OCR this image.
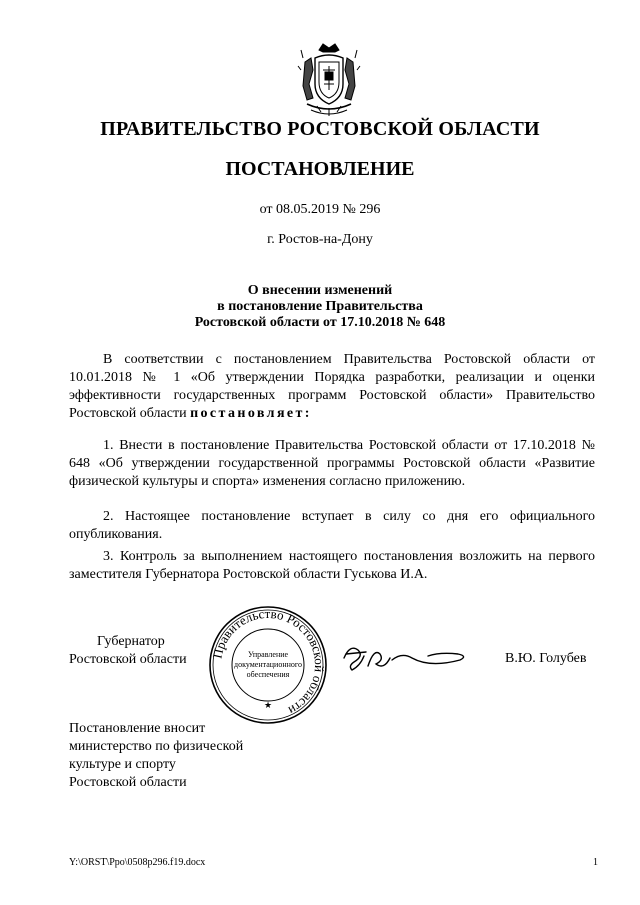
ПРАВИТЕЛЬСТВО РОСТОВСКОЙ ОБЛАСТИ
ПОСТАНОВЛЕНИЕ
от 08.05.2019 № 296
г. Ростов-на-Дону
О внесении изменений
в постановление Правительства
Ростовской области от 17.10.2018 № 648
В соответствии с постановлением Правительства Ростовской области от 10.01.2018 № 1 «Об утверждении Порядка разработки, реализации и оценки эффективности государственных программ Ростовской области» Правительство Ростовской области постановляет:
1. Внести в постановление Правительства Ростовской области от 17.10.2018 № 648 «Об утверждении государственной программы Ростовской области «Развитие физической культуры и спорта» изменения согласно приложению.
2. Настоящее постановление вступает в силу со дня его официального опубликования.
3. Контроль за выполнением настоящего постановления возложить на первого заместителя Губернатора Ростовской области Гуськова И.А.
Губернатор
Ростовской области Правительство Ростовской области
Управление
документационного
обеспечения
★
В.Ю. Голубев
Постановление вносит
министерство по физической
культуре и спорту
Ростовской области
Y:\ORST\Ppo\0508p296.f19.docx	1
